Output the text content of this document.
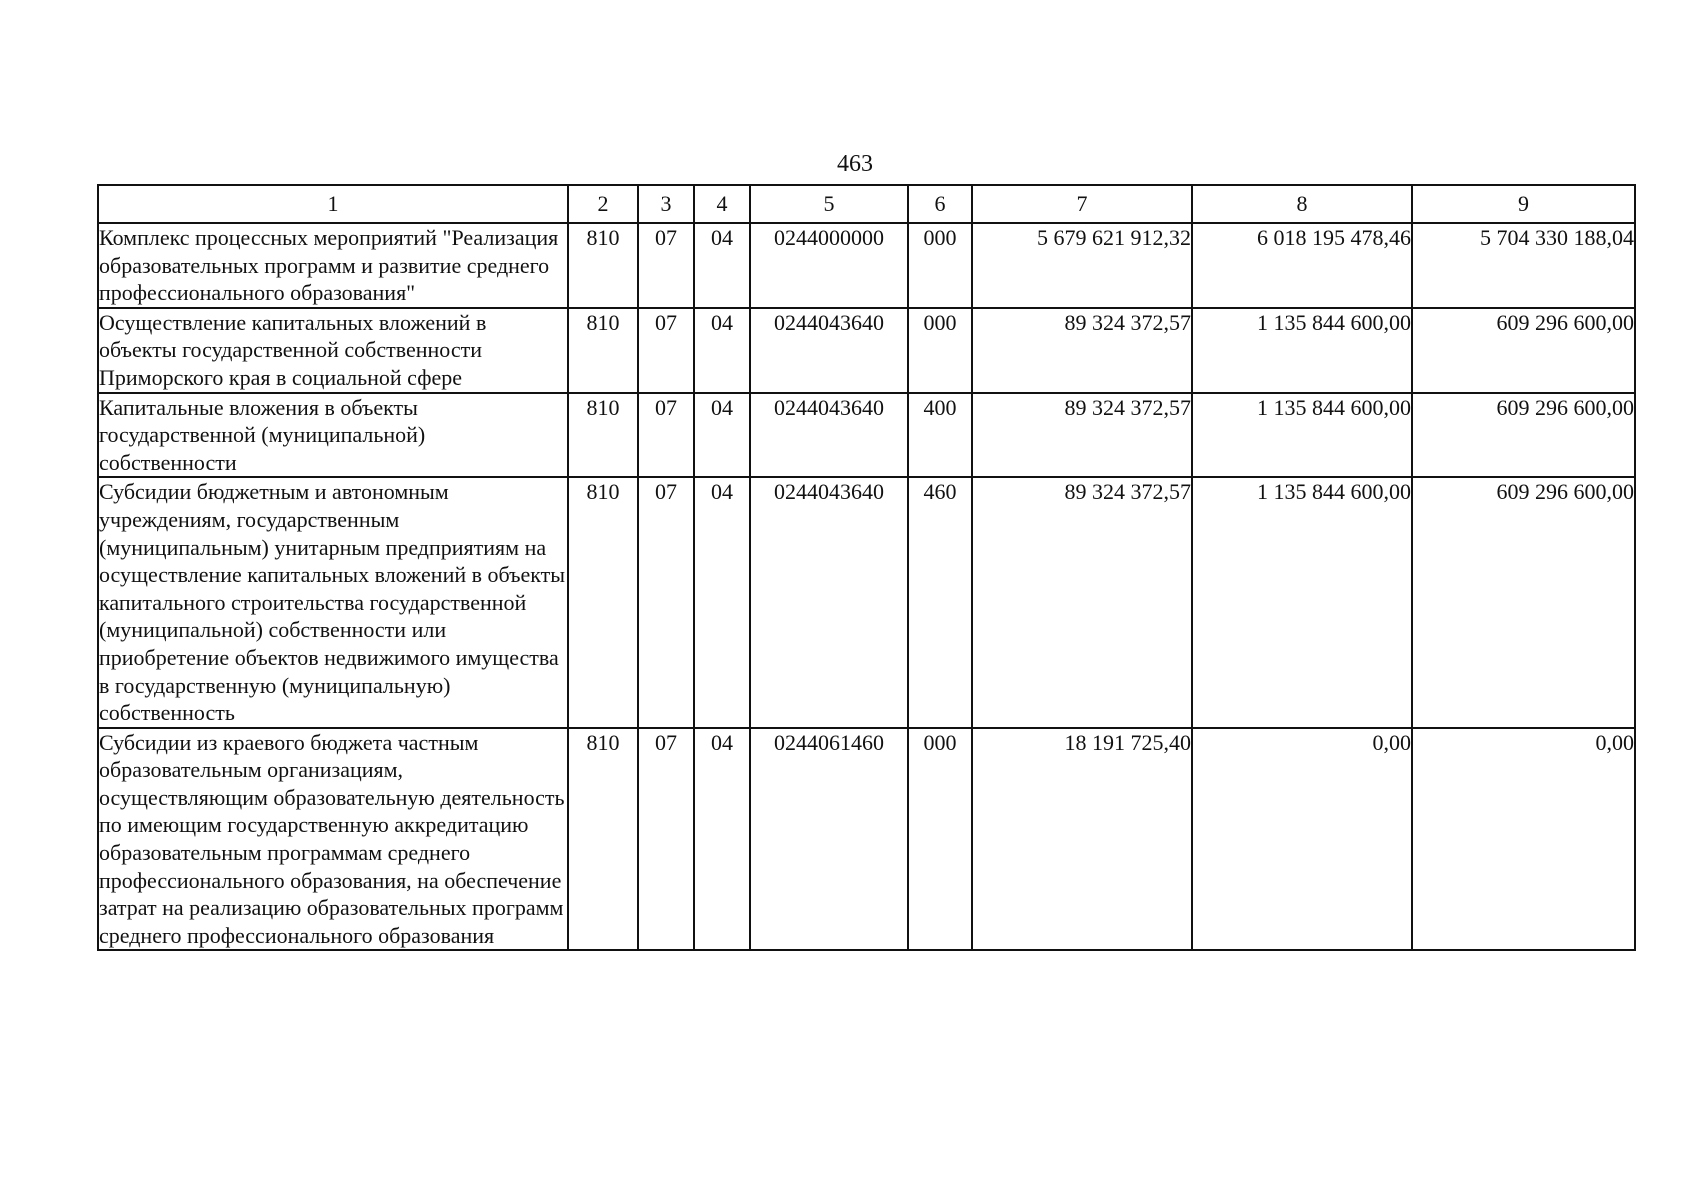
463
1	2	3	4	5	6	7	8	9
Комплекс процессных мероприятий "Реализация образовательных программ и развитие среднего профессионального образования"	810	07	04	0244000000	000	5 679 621 912,32	6 018 195 478,46	5 704 330 188,04
Осуществление капитальных вложений в объекты государственной собственности Приморского края в социальной сфере	810	07	04	0244043640	000	89 324 372,57	1 135 844 600,00	609 296 600,00
Капитальные вложения в объекты государственной (муниципальной) собственности	810	07	04	0244043640	400	89 324 372,57	1 135 844 600,00	609 296 600,00
Субсидии бюджетным и автономным учреждениям, государственным (муниципальным) унитарным предприятиям на осуществление капитальных вложений в объекты капитального строительства государственной (муниципальной) собственности или приобретение объектов недвижимого имущества в государственную (муниципальную) собственность	810	07	04	0244043640	460	89 324 372,57	1 135 844 600,00	609 296 600,00
Субсидии из краевого бюджета частным образовательным организациям, осуществляющим образовательную деятельность по имеющим государственную аккредитацию образовательным программам среднего профессионального образования, на обеспечение затрат на реализацию образовательных программ среднего профессионального образования	810	07	04	0244061460	000	18 191 725,40	0,00	0,00
